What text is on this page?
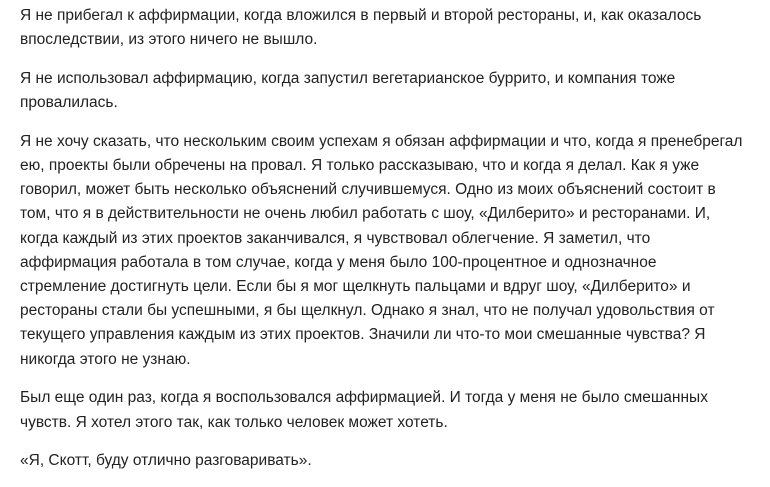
Я не прибегал к аффирмации, когда вложился в первый и второй рестораны, и, как оказалось
впоследствии, из этого ничего не вышло.

Я не использовал аффирмацию, когда запустил вегетарианское буррито, и компания тоже
провалилась.

Я не хочу сказать, что нескольким своим успехам я обязан аффирмации и что, когда я пренебрегал
ею, проекты были обречены на провал. Я только рассказываю, что и когда я делал. Как я уже
говорил, может быть несколько объяснений случившемуся. Одно из моих объяснений состоит в
том, что я в действительности не очень любил работать с шоу, «Дилберито» и ресторанами. И,
когда каждый из этих проектов заканчивался, я чувствовал облегчение. Я заметил, что
аффирмация работала в том случае, когда у меня было 100-процентное и однозначное
стремление достигнуть цели. Если бы я мог щелкнуть пальцами и вдруг шоу, «Дилберито» и
рестораны стали бы успешными, я бы щелкнул. Однако я знал, что не получал удовольствия от
текущего управления каждым из этих проектов. Значили ли что-то мои смешанные чувства? Я
никогда этого не узнаю.

Был еще один раз, когда я воспользовался аффирмацией. И тогда у меня не было смешанных
чувств. Я хотел этого так, как только человек может хотеть.

«Я, Скотт, буду отлично разговаривать».
